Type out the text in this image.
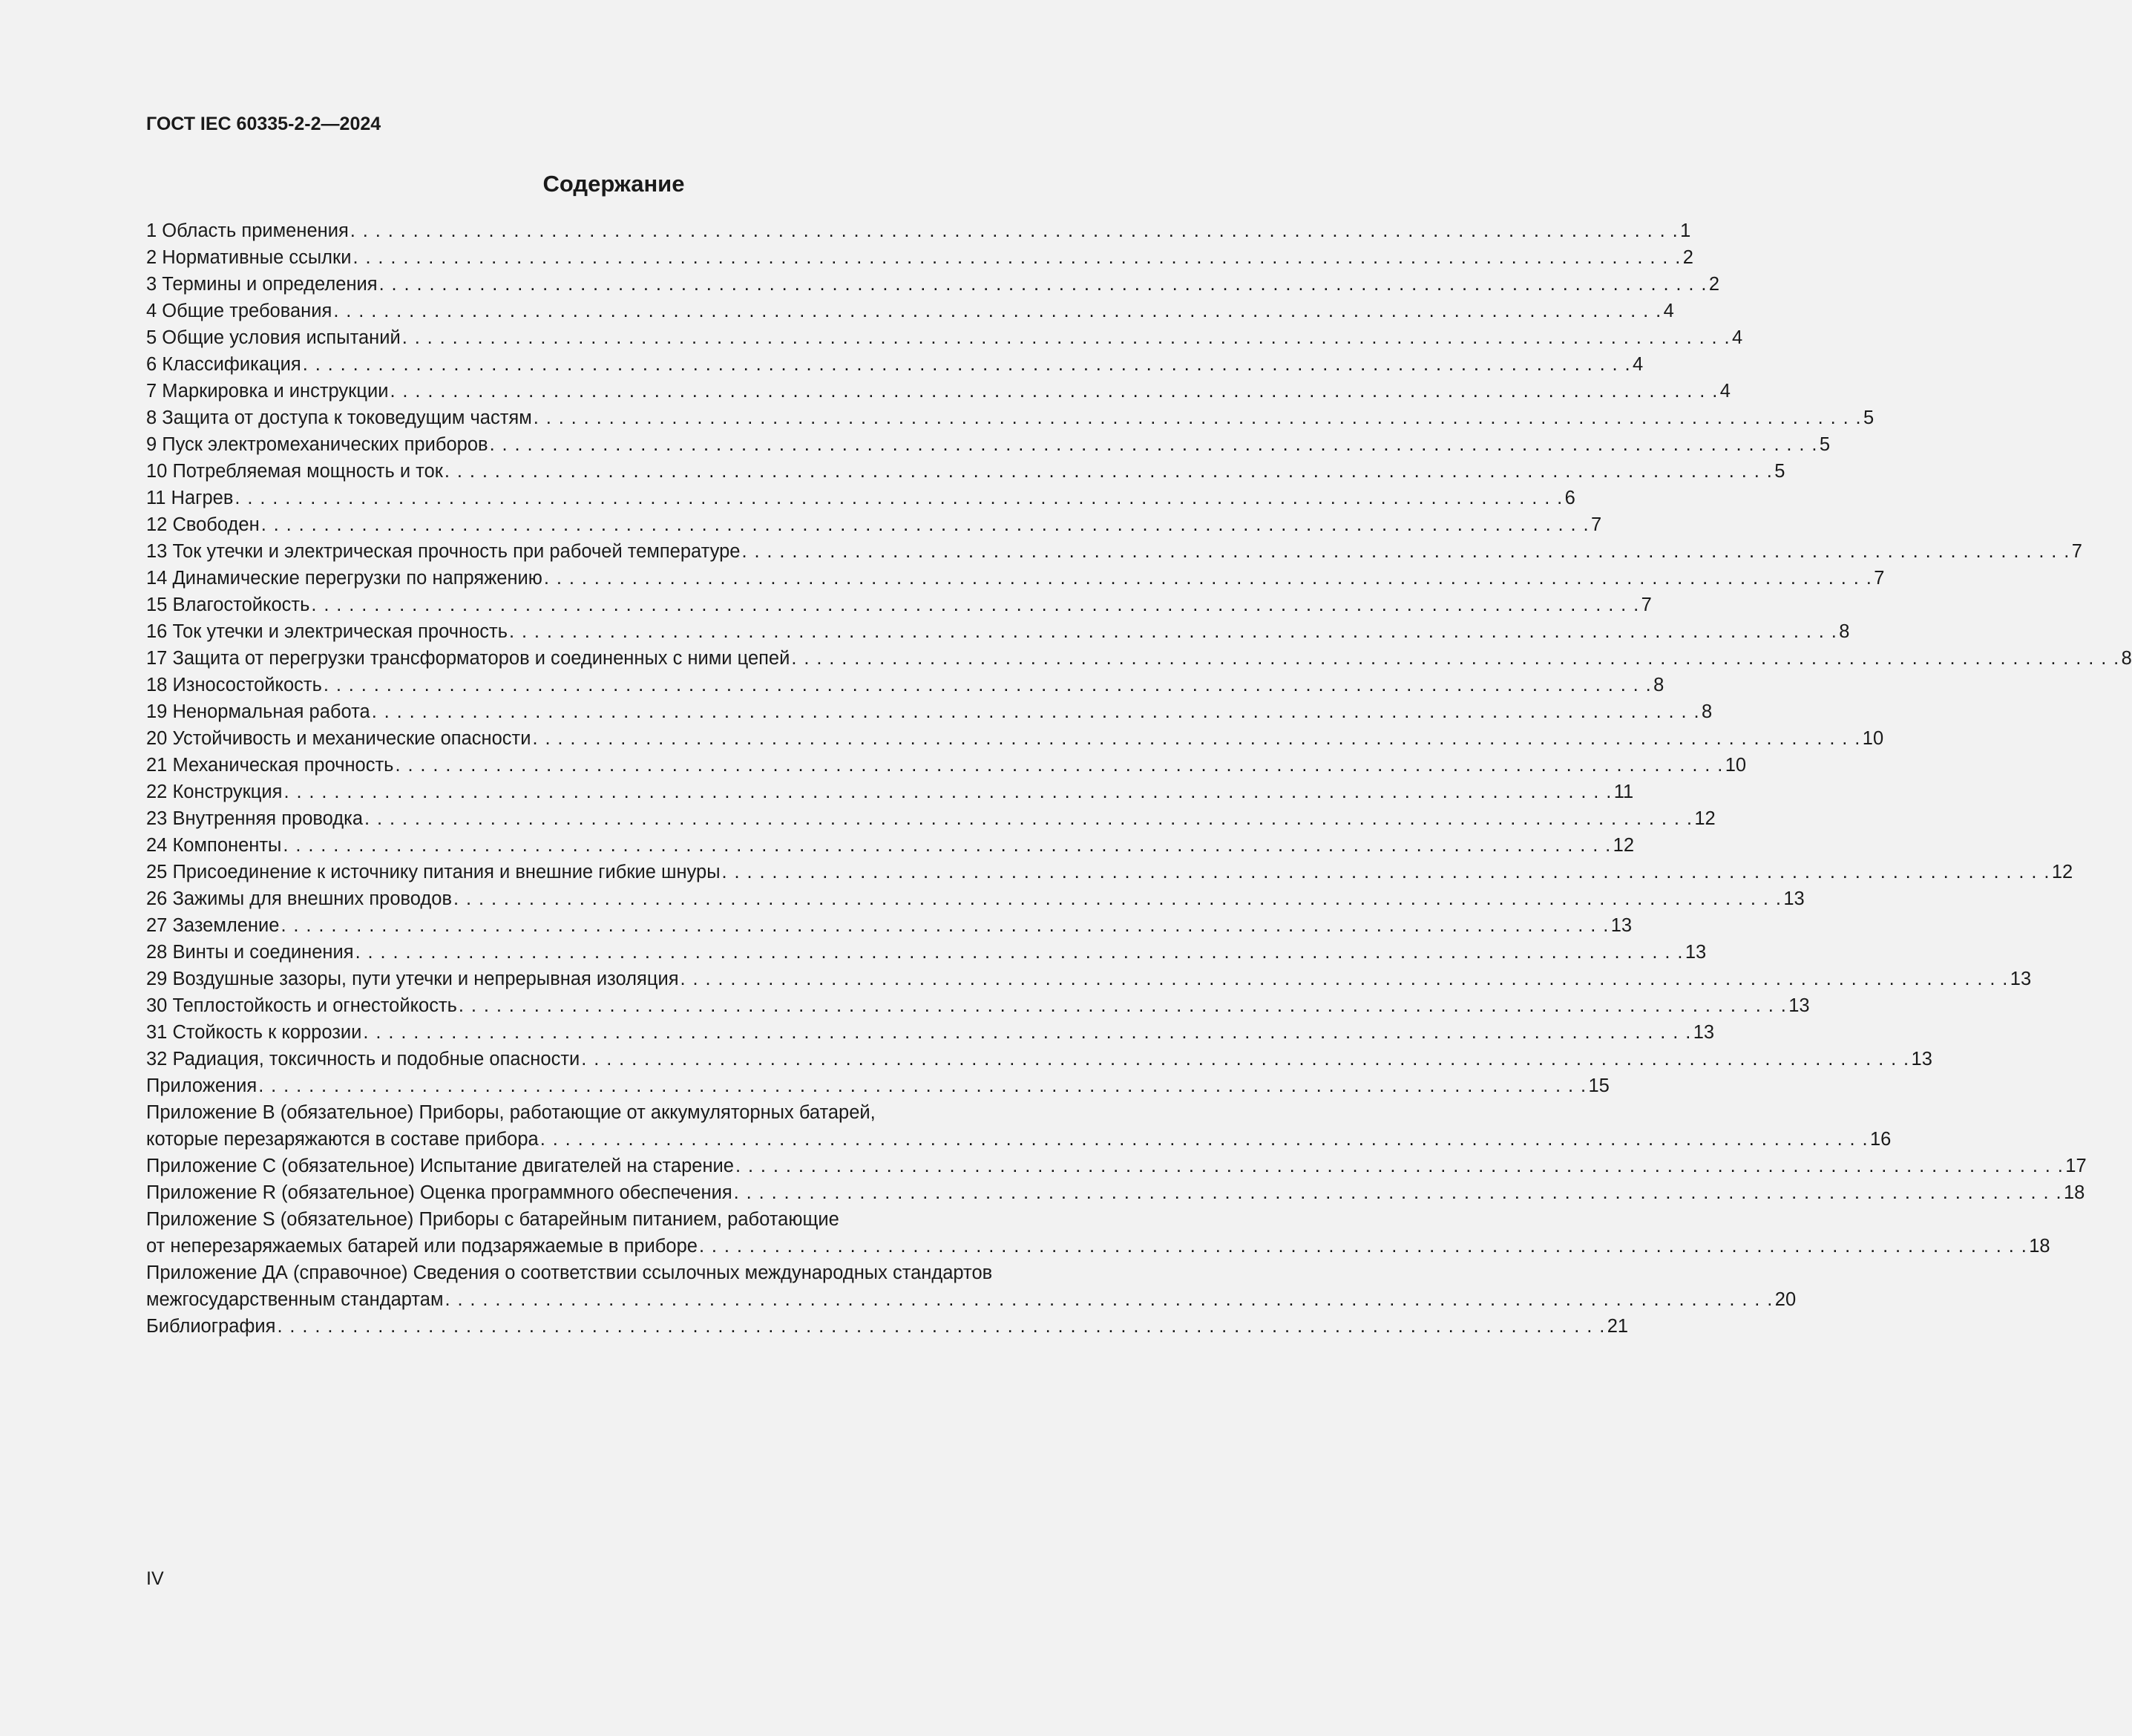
ГОСТ IEC 60335-2-2—2024
Содержание
1 Область применения . . . . . . . . . . . . . . . . . . . . . . . . . . . . . . . . . . . . . . . . . . . . . . . . . . . . . . . . . . . . . . . . . . . . . . . . . . . . . . . . . . . . . . . . . . . . . . . . . . . . . . . . . . 1
2 Нормативные ссылки . . . . . . . . . . . . . . . . . . . . . . . . . . . . . . . . . . . . . . . . . . . . . . . . . . . . . . . . . . . . . . . . . . . . . . . . . . . . . . . . . . . . . . . . . . . . . . . . . . . . . . . . . . 2
3 Термины и определения . . . . . . . . . . . . . . . . . . . . . . . . . . . . . . . . . . . . . . . . . . . . . . . . . . . . . . . . . . . . . . . . . . . . . . . . . . . . . . . . . . . . . . . . . . . . . . . . . . . . . . . . . . 2
4 Общие требования . . . . . . . . . . . . . . . . . . . . . . . . . . . . . . . . . . . . . . . . . . . . . . . . . . . . . . . . . . . . . . . . . . . . . . . . . . . . . . . . . . . . . . . . . . . . . . . . . . . . . . . . . . 4
5 Общие условия испытаний . . . . . . . . . . . . . . . . . . . . . . . . . . . . . . . . . . . . . . . . . . . . . . . . . . . . . . . . . . . . . . . . . . . . . . . . . . . . . . . . . . . . . . . . . . . . . . . . . . . . . . . . . . 4
6 Классификация . . . . . . . . . . . . . . . . . . . . . . . . . . . . . . . . . . . . . . . . . . . . . . . . . . . . . . . . . . . . . . . . . . . . . . . . . . . . . . . . . . . . . . . . . . . . . . . . . . . . . . . . . . 4
7 Маркировка и инструкции . . . . . . . . . . . . . . . . . . . . . . . . . . . . . . . . . . . . . . . . . . . . . . . . . . . . . . . . . . . . . . . . . . . . . . . . . . . . . . . . . . . . . . . . . . . . . . . . . . . . . . . . . . 4
8 Защита от доступа к токоведущим частям . . . . . . . . . . . . . . . . . . . . . . . . . . . . . . . . . . . . . . . . . . . . . . . . . . . . . . . . . . . . . . . . . . . . . . . . . . . . . . . . . . . . . . . . . . . . . . . . . . . . . . . . . . 5
9 Пуск электромеханических приборов . . . . . . . . . . . . . . . . . . . . . . . . . . . . . . . . . . . . . . . . . . . . . . . . . . . . . . . . . . . . . . . . . . . . . . . . . . . . . . . . . . . . . . . . . . . . . . . . . . . . . . . . . . 5
10 Потребляемая мощность и ток . . . . . . . . . . . . . . . . . . . . . . . . . . . . . . . . . . . . . . . . . . . . . . . . . . . . . . . . . . . . . . . . . . . . . . . . . . . . . . . . . . . . . . . . . . . . . . . . . . . . . . . . . . 5
11 Нагрев . . . . . . . . . . . . . . . . . . . . . . . . . . . . . . . . . . . . . . . . . . . . . . . . . . . . . . . . . . . . . . . . . . . . . . . . . . . . . . . . . . . . . . . . . . . . . . . . . . . . . . . . . . 6
12 Свободен . . . . . . . . . . . . . . . . . . . . . . . . . . . . . . . . . . . . . . . . . . . . . . . . . . . . . . . . . . . . . . . . . . . . . . . . . . . . . . . . . . . . . . . . . . . . . . . . . . . . . . . . . . 7
13 Ток утечки и электрическая прочность при рабочей температуре . . . . . . . . . . . . . . . . . . . . . . . . . . . . . . . . . . . . . . . . . . . . . . . . . . . . . . . . . . . . . . . . . . . . . . . . . . . . . . . . . . . . . . . . . . . . . . . . . . . . . . . . . . 7
14 Динамические перегрузки по напряжению . . . . . . . . . . . . . . . . . . . . . . . . . . . . . . . . . . . . . . . . . . . . . . . . . . . . . . . . . . . . . . . . . . . . . . . . . . . . . . . . . . . . . . . . . . . . . . . . . . . . . . . . . . 7
15 Влагостойкость . . . . . . . . . . . . . . . . . . . . . . . . . . . . . . . . . . . . . . . . . . . . . . . . . . . . . . . . . . . . . . . . . . . . . . . . . . . . . . . . . . . . . . . . . . . . . . . . . . . . . . . . . . 7
16 Ток утечки и электрическая прочность . . . . . . . . . . . . . . . . . . . . . . . . . . . . . . . . . . . . . . . . . . . . . . . . . . . . . . . . . . . . . . . . . . . . . . . . . . . . . . . . . . . . . . . . . . . . . . . . . . . . . . . . . . 8
17 Защита от перегрузки трансформаторов и соединенных с ними цепей . . . . . . . . . . . . . . . . . . . . . . . . . . . . . . . . . . . . . . . . . . . . . . . . . . . . . . . . . . . . . . . . . . . . . . . . . . . . . . . . . . . . . . . . . . . . . . . . . . . . . . . . . . 8
18 Износостойкость . . . . . . . . . . . . . . . . . . . . . . . . . . . . . . . . . . . . . . . . . . . . . . . . . . . . . . . . . . . . . . . . . . . . . . . . . . . . . . . . . . . . . . . . . . . . . . . . . . . . . . . . . . 8
19 Ненормальная работа . . . . . . . . . . . . . . . . . . . . . . . . . . . . . . . . . . . . . . . . . . . . . . . . . . . . . . . . . . . . . . . . . . . . . . . . . . . . . . . . . . . . . . . . . . . . . . . . . . . . . . . . . . 8
20 Устойчивость и механические опасности . . . . . . . . . . . . . . . . . . . . . . . . . . . . . . . . . . . . . . . . . . . . . . . . . . . . . . . . . . . . . . . . . . . . . . . . . . . . . . . . . . . . . . . . . . . . . . . . . . . . . . . . . . 10
21 Механическая прочность . . . . . . . . . . . . . . . . . . . . . . . . . . . . . . . . . . . . . . . . . . . . . . . . . . . . . . . . . . . . . . . . . . . . . . . . . . . . . . . . . . . . . . . . . . . . . . . . . . . . . . . . . . 10
22 Конструкция . . . . . . . . . . . . . . . . . . . . . . . . . . . . . . . . . . . . . . . . . . . . . . . . . . . . . . . . . . . . . . . . . . . . . . . . . . . . . . . . . . . . . . . . . . . . . . . . . . . . . . . . . . 11
23 Внутренняя проводка . . . . . . . . . . . . . . . . . . . . . . . . . . . . . . . . . . . . . . . . . . . . . . . . . . . . . . . . . . . . . . . . . . . . . . . . . . . . . . . . . . . . . . . . . . . . . . . . . . . . . . . . . . 12
24 Компоненты . . . . . . . . . . . . . . . . . . . . . . . . . . . . . . . . . . . . . . . . . . . . . . . . . . . . . . . . . . . . . . . . . . . . . . . . . . . . . . . . . . . . . . . . . . . . . . . . . . . . . . . . . . 12
25 Присоединение к источнику питания и внешние гибкие шнуры . . . . . . . . . . . . . . . . . . . . . . . . . . . . . . . . . . . . . . . . . . . . . . . . . . . . . . . . . . . . . . . . . . . . . . . . . . . . . . . . . . . . . . . . . . . . . . . . . . . . . . . . . . 12
26 Зажимы для внешних проводов . . . . . . . . . . . . . . . . . . . . . . . . . . . . . . . . . . . . . . . . . . . . . . . . . . . . . . . . . . . . . . . . . . . . . . . . . . . . . . . . . . . . . . . . . . . . . . . . . . . . . . . . . . 13
27 Заземление . . . . . . . . . . . . . . . . . . . . . . . . . . . . . . . . . . . . . . . . . . . . . . . . . . . . . . . . . . . . . . . . . . . . . . . . . . . . . . . . . . . . . . . . . . . . . . . . . . . . . . . . . . 13
28 Винты и соединения . . . . . . . . . . . . . . . . . . . . . . . . . . . . . . . . . . . . . . . . . . . . . . . . . . . . . . . . . . . . . . . . . . . . . . . . . . . . . . . . . . . . . . . . . . . . . . . . . . . . . . . . . . 13
29 Воздушные зазоры, пути утечки и непрерывная изоляция . . . . . . . . . . . . . . . . . . . . . . . . . . . . . . . . . . . . . . . . . . . . . . . . . . . . . . . . . . . . . . . . . . . . . . . . . . . . . . . . . . . . . . . . . . . . . . . . . . . . . . . . . . 13
30 Теплостойкость и огнестойкость . . . . . . . . . . . . . . . . . . . . . . . . . . . . . . . . . . . . . . . . . . . . . . . . . . . . . . . . . . . . . . . . . . . . . . . . . . . . . . . . . . . . . . . . . . . . . . . . . . . . . . . . . . 13
31 Стойкость к коррозии . . . . . . . . . . . . . . . . . . . . . . . . . . . . . . . . . . . . . . . . . . . . . . . . . . . . . . . . . . . . . . . . . . . . . . . . . . . . . . . . . . . . . . . . . . . . . . . . . . . . . . . . . . 13
32 Радиация, токсичность и подобные опасности . . . . . . . . . . . . . . . . . . . . . . . . . . . . . . . . . . . . . . . . . . . . . . . . . . . . . . . . . . . . . . . . . . . . . . . . . . . . . . . . . . . . . . . . . . . . . . . . . . . . . . . . . . 13
Приложения . . . . . . . . . . . . . . . . . . . . . . . . . . . . . . . . . . . . . . . . . . . . . . . . . . . . . . . . . . . . . . . . . . . . . . . . . . . . . . . . . . . . . . . . . . . . . . . . . . . . . . . . . . 15
Приложение B (обязательное) Приборы, работающие от аккумуляторных батарей,
которые перезаряжаются в составе прибора . . . . . . . . . . . . . . . . . . . . . . . . . . . . . . . . . . . . . . . . . . . . . . . . . . . . . . . . . . . . . . . . . . . . . . . . . . . . . . . . . . . . . . . . . . . . . . . . . . . . . . . . . . 16
Приложение C (обязательное) Испытание двигателей на старение . . . . . . . . . . . . . . . . . . . . . . . . . . . . . . . . . . . . . . . . . . . . . . . . . . . . . . . . . . . . . . . . . . . . . . . . . . . . . . . . . . . . . . . . . . . . . . . . . . . . . . . . . . 17
Приложение R (обязательное) Оценка программного обеспечения . . . . . . . . . . . . . . . . . . . . . . . . . . . . . . . . . . . . . . . . . . . . . . . . . . . . . . . . . . . . . . . . . . . . . . . . . . . . . . . . . . . . . . . . . . . . . . . . . . . . . . . . . . 18
Приложение S (обязательное) Приборы с батарейным питанием, работающие
от неперезаряжаемых батарей или подзаряжаемые в приборе . . . . . . . . . . . . . . . . . . . . . . . . . . . . . . . . . . . . . . . . . . . . . . . . . . . . . . . . . . . . . . . . . . . . . . . . . . . . . . . . . . . . . . . . . . . . . . . . . . . . . . . . . . 18
Приложение ДА (справочное) Сведения о соответствии ссылочных международных стандартов
межгосударственным стандартам . . . . . . . . . . . . . . . . . . . . . . . . . . . . . . . . . . . . . . . . . . . . . . . . . . . . . . . . . . . . . . . . . . . . . . . . . . . . . . . . . . . . . . . . . . . . . . . . . . . . . . . . . . 20
Библиография . . . . . . . . . . . . . . . . . . . . . . . . . . . . . . . . . . . . . . . . . . . . . . . . . . . . . . . . . . . . . . . . . . . . . . . . . . . . . . . . . . . . . . . . . . . . . . . . . . . . . . . . . . 21
IV
